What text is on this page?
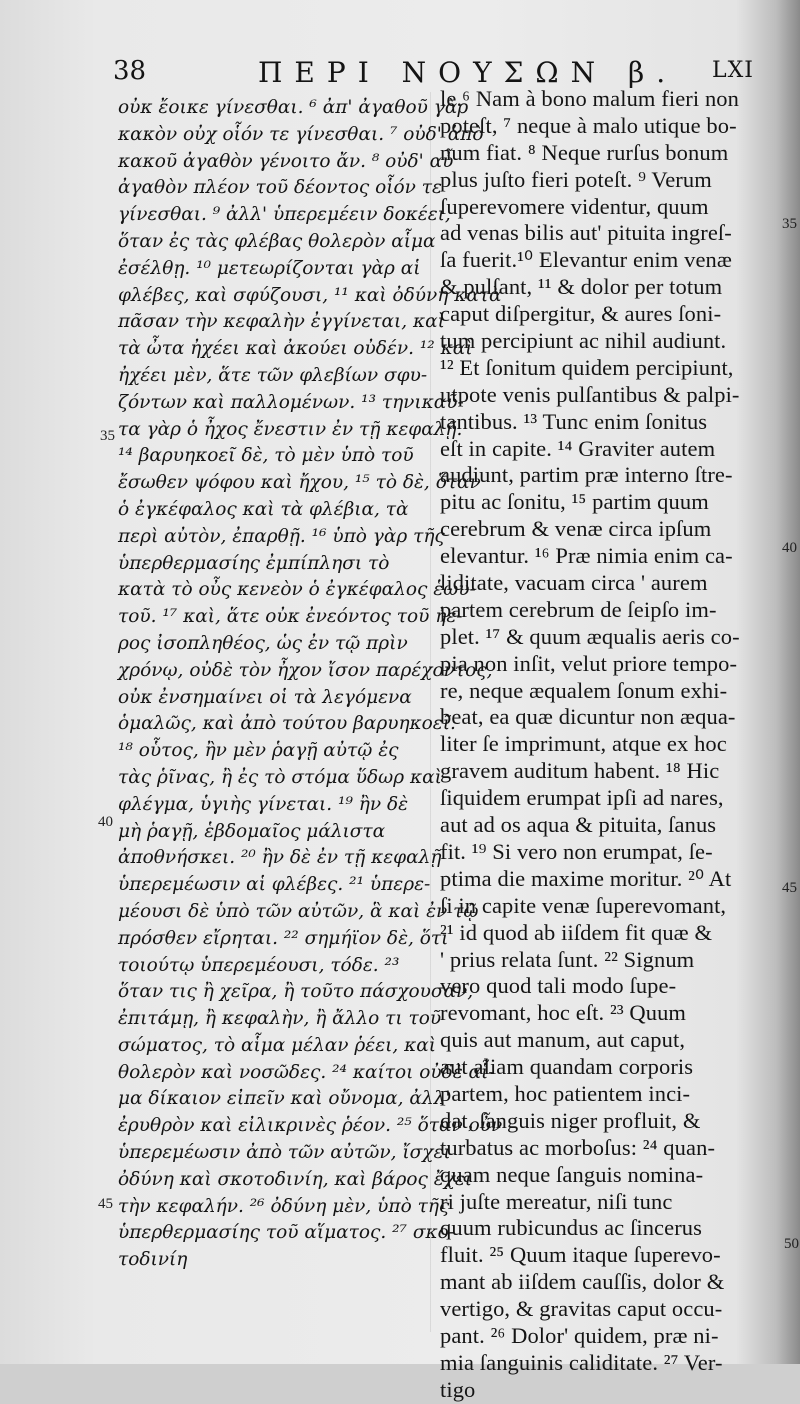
38	ΠΕΡΙ ΝΟΥΣΩΝ β. LXI
οὐκ ἔοικε γίνεσθαι. ⁶ ἀπ' ἀγαθοῦ γὰρ
κακὸν οὐχ οἷόν τε γίνεσθαι. ⁷ οὐδ' ἀπὸ
κακοῦ ἀγαθὸν γένοιτο ἄν. ⁸ οὐδ' αὖ
ἀγαθὸν πλέον τοῦ δέοντος οἷόν τε
γίνεσθαι. ⁹ ἀλλ' ὑπερεμέειν δοκέει,
ὅταν ἐς τὰς φλέβας θολερὸν αἷμα
ἐσέλθῃ. ¹⁰ μετεωρίζονται γὰρ αἱ
φλέβες, καὶ σφύζουσι, ¹¹ καὶ ὀδύνη κατὰ
πᾶσαν τὴν κεφαλὴν ἐγγίνεται, καὶ
τὰ ὦτα ἠχέει καὶ ἀκούει οὐδέν. ¹² καὶ
ἠχέει μὲν, ἅτε τῶν φλεβίων σφυ-
ζόντων καὶ παλλομένων. ¹³ τηνικαῦ-
τα γὰρ ὁ ἦχος ἔνεστιν ἐν τῇ κεφαλῇ.
¹⁴ βαρυηκοεῖ δὲ, τὸ μὲν ὑπὸ τοῦ
ἔσωθεν ψόφου καὶ ἤχου, ¹⁵ τὸ δὲ, ὅταν
ὁ ἐγκέφαλος καὶ τὰ φλέβια, τὰ
περὶ αὐτὸν, ἐπαρθῇ. ¹⁶ ὑπὸ γὰρ τῆς
ὑπερθερμασίης ἐμπίπλησι τὸ
κατὰ τὸ οὖς κενεὸν ὁ ἐγκέφαλος ἑωυ-
τοῦ. ¹⁷ καὶ, ἅτε οὐκ ἐνεόντος τοῦ ἠέ-
ρος ἰσοπληθέος, ὡς ἐν τῷ πρὶν
χρόνῳ, οὐδὲ τὸν ἦχον ἴσον παρέχοντος,
οὐκ ἐνσημαίνει οἱ τὰ λεγόμενα
ὁμαλῶς, καὶ ἀπὸ τούτου βαρυηκοεῖ.
¹⁸ οὗτος, ἢν μὲν ῥαγῇ αὐτῷ ἐς
τὰς ῥῖνας, ἢ ἐς τὸ στόμα ὕδωρ καὶ
φλέγμα, ὑγιὴς γίνεται. ¹⁹ ἢν δὲ
μὴ ῥαγῇ, ἑβδομαῖος μάλιστα
ἀποθνήσκει. ²⁰ ἢν δὲ ἐν τῇ κεφαλῇ
ὑπερεμέωσιν αἱ φλέβες. ²¹ ὑπερε-
μέουσι δὲ ὑπὸ τῶν αὐτῶν, ἃ καὶ ἐν τῷ
πρόσθεν εἴρηται. ²² σημήϊον δὲ, ὅτι
τοιούτῳ ὑπερεμέουσι, τόδε. ²³
ὅταν τις ἢ χεῖρα, ἢ τοῦτο πάσχουσαν,
ἐπιτάμῃ, ἢ κεφαλὴν, ἢ ἄλλο τι τοῦ
σώματος, τὸ αἷμα μέλαν ῥέει, καὶ
θολερὸν καὶ νοσῶδες. ²⁴ καίτοι οὐδὲ αἷ-
μα δίκαιον εἰπεῖν καὶ οὔνομα, ἀλλ'
ἐρυθρὸν καὶ εἰλικρινὲς ῥέον. ²⁵ ὅταν οὖν
ὑπερεμέωσιν ἀπὸ τῶν αὐτῶν, ἴσχει
ὀδύνη καὶ σκοτοδινίη, καὶ βάρος ἔχει
τὴν κεφαλήν. ²⁶ ὀδύνη μὲν, ὑπὸ τῆς
ὑπερθερμασίης τοῦ αἵματος. ²⁷ σκο-
τοδινίη
le.⁶ Nam à bono malum fieri non
poteſt, ⁷ neque à malo utique bo-
num fiat. ⁸ Neque rurſus bonum
plus juſto fieri poteſt. ⁹ Verum
ſuperevomere videntur, quum
ad venas bilis aut' pituita ingreſ-
ſa fuerit.¹⁰ Elevantur enim venæ
& pulſant, ¹¹ & dolor per totum
caput diſpergitur, & aures ſoni-
tum percipiunt ac nihil audiunt.
¹² Et ſonitum quidem percipiunt,
utpote venis pulſantibus & palpi-
tantibus. ¹³ Tunc enim ſonitus
eſt in capite. ¹⁴ Graviter autem
audiunt, partim præ interno ſtre-
pitu ac ſonitu, ¹⁵ partim quum
cerebrum & venæ circa ipſum
elevantur. ¹⁶ Præ nimia enim ca-
liditate, vacuam circa ' aurem
partem cerebrum de ſeipſo im-
plet. ¹⁷ & quum æqualis aeris co-
pia non inſit, velut priore tempo-
re, neque æqualem ſonum exhi-
beat, ea quæ dicuntur non æqua-
liter ſe imprimunt, atque ex hoc
gravem auditum habent. ¹⁸ Hic
ſiquidem erumpat ipſi ad nares,
aut ad os aqua & pituita, ſanus
fit. ¹⁹ Si vero non erumpat, ſe-
ptima die maxime moritur. ²⁰ At
ſi in capite venæ ſuperevomant,
²¹ id quod ab iiſdem fit quæ &
' prius relata ſunt. ²² Signum
vero quod tali modo ſupe-
revomant, hoc eſt. ²³ Quum
quis aut manum, aut caput,
aut aliam quandam corporis
partem, hoc patientem inci-
dat, ſanguis niger profluit, &
turbatus ac morboſus: ²⁴ quan-
quam neque ſanguis nomina-
ri juſte mereatur, niſi tunc
quum rubicundus ac ſincerus
fluit. ²⁵ Quum itaque ſuperevo-
mant ab iiſdem cauſſis, dolor &
vertigo, & gravitas caput occu-
pant. ²⁶ Dolor' quidem, præ ni-
mia ſanguinis caliditate. ²⁷ Ver-
tigo
35
40
45
35
40
45
50
